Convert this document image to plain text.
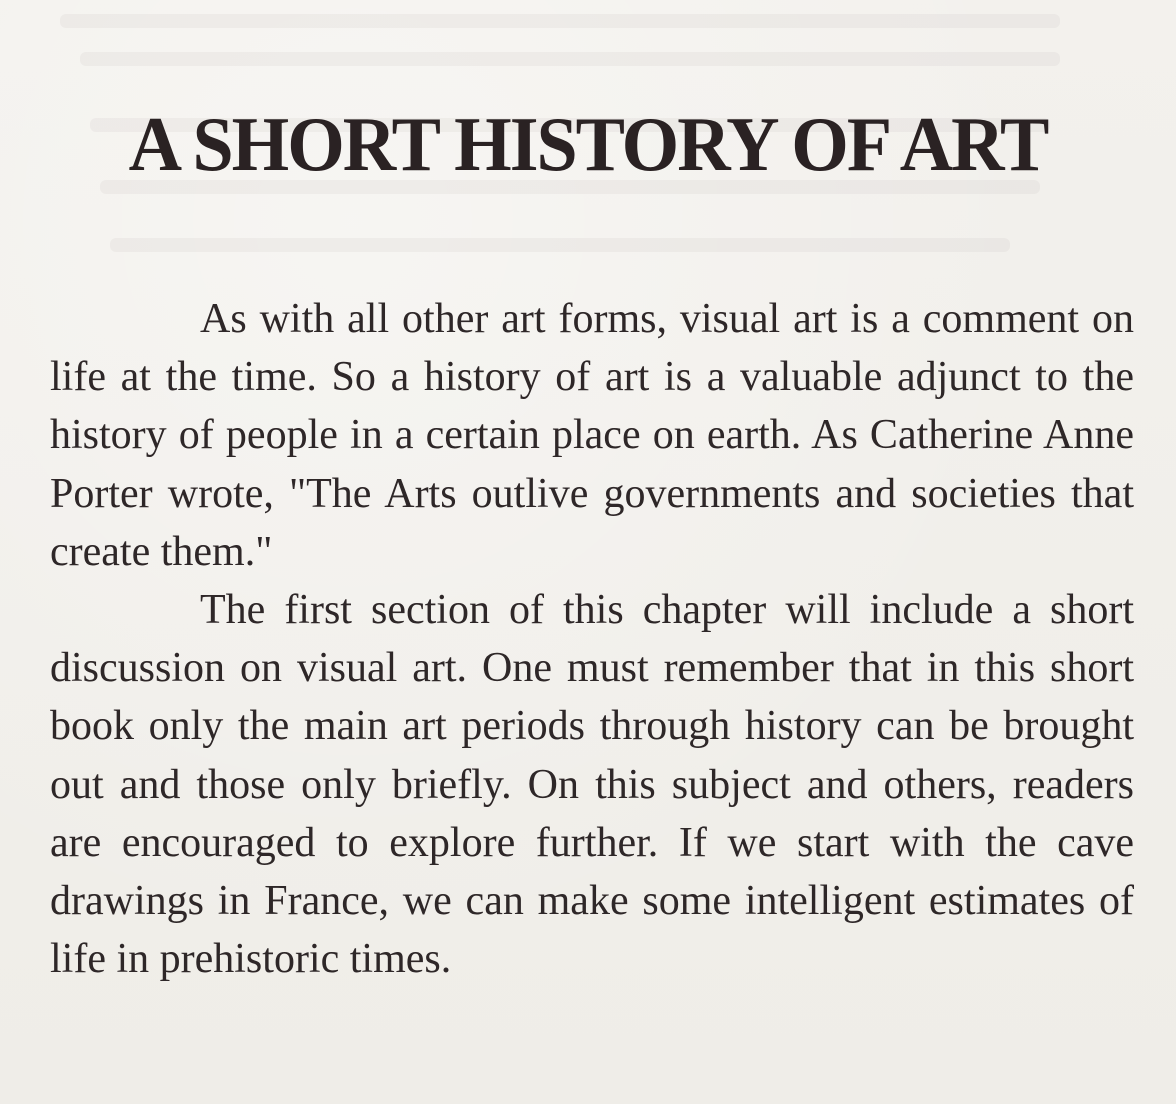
A SHORT HISTORY OF ART

As with all other art forms, visual art is a comment on life at the time. So a history of art is a valuable adjunct to the history of people in a certain place on earth. As Catherine Anne Porter wrote, "The Arts outlive governments and societies that create them."

The first section of this chapter will include a short discussion on visual art. One must remember that in this short book only the main art periods through history can be brought out and those only briefly. On this subject and others, readers are encouraged to explore further. If we start with the cave drawings in France, we can make some intelligent estimates of life in prehistoric times.
